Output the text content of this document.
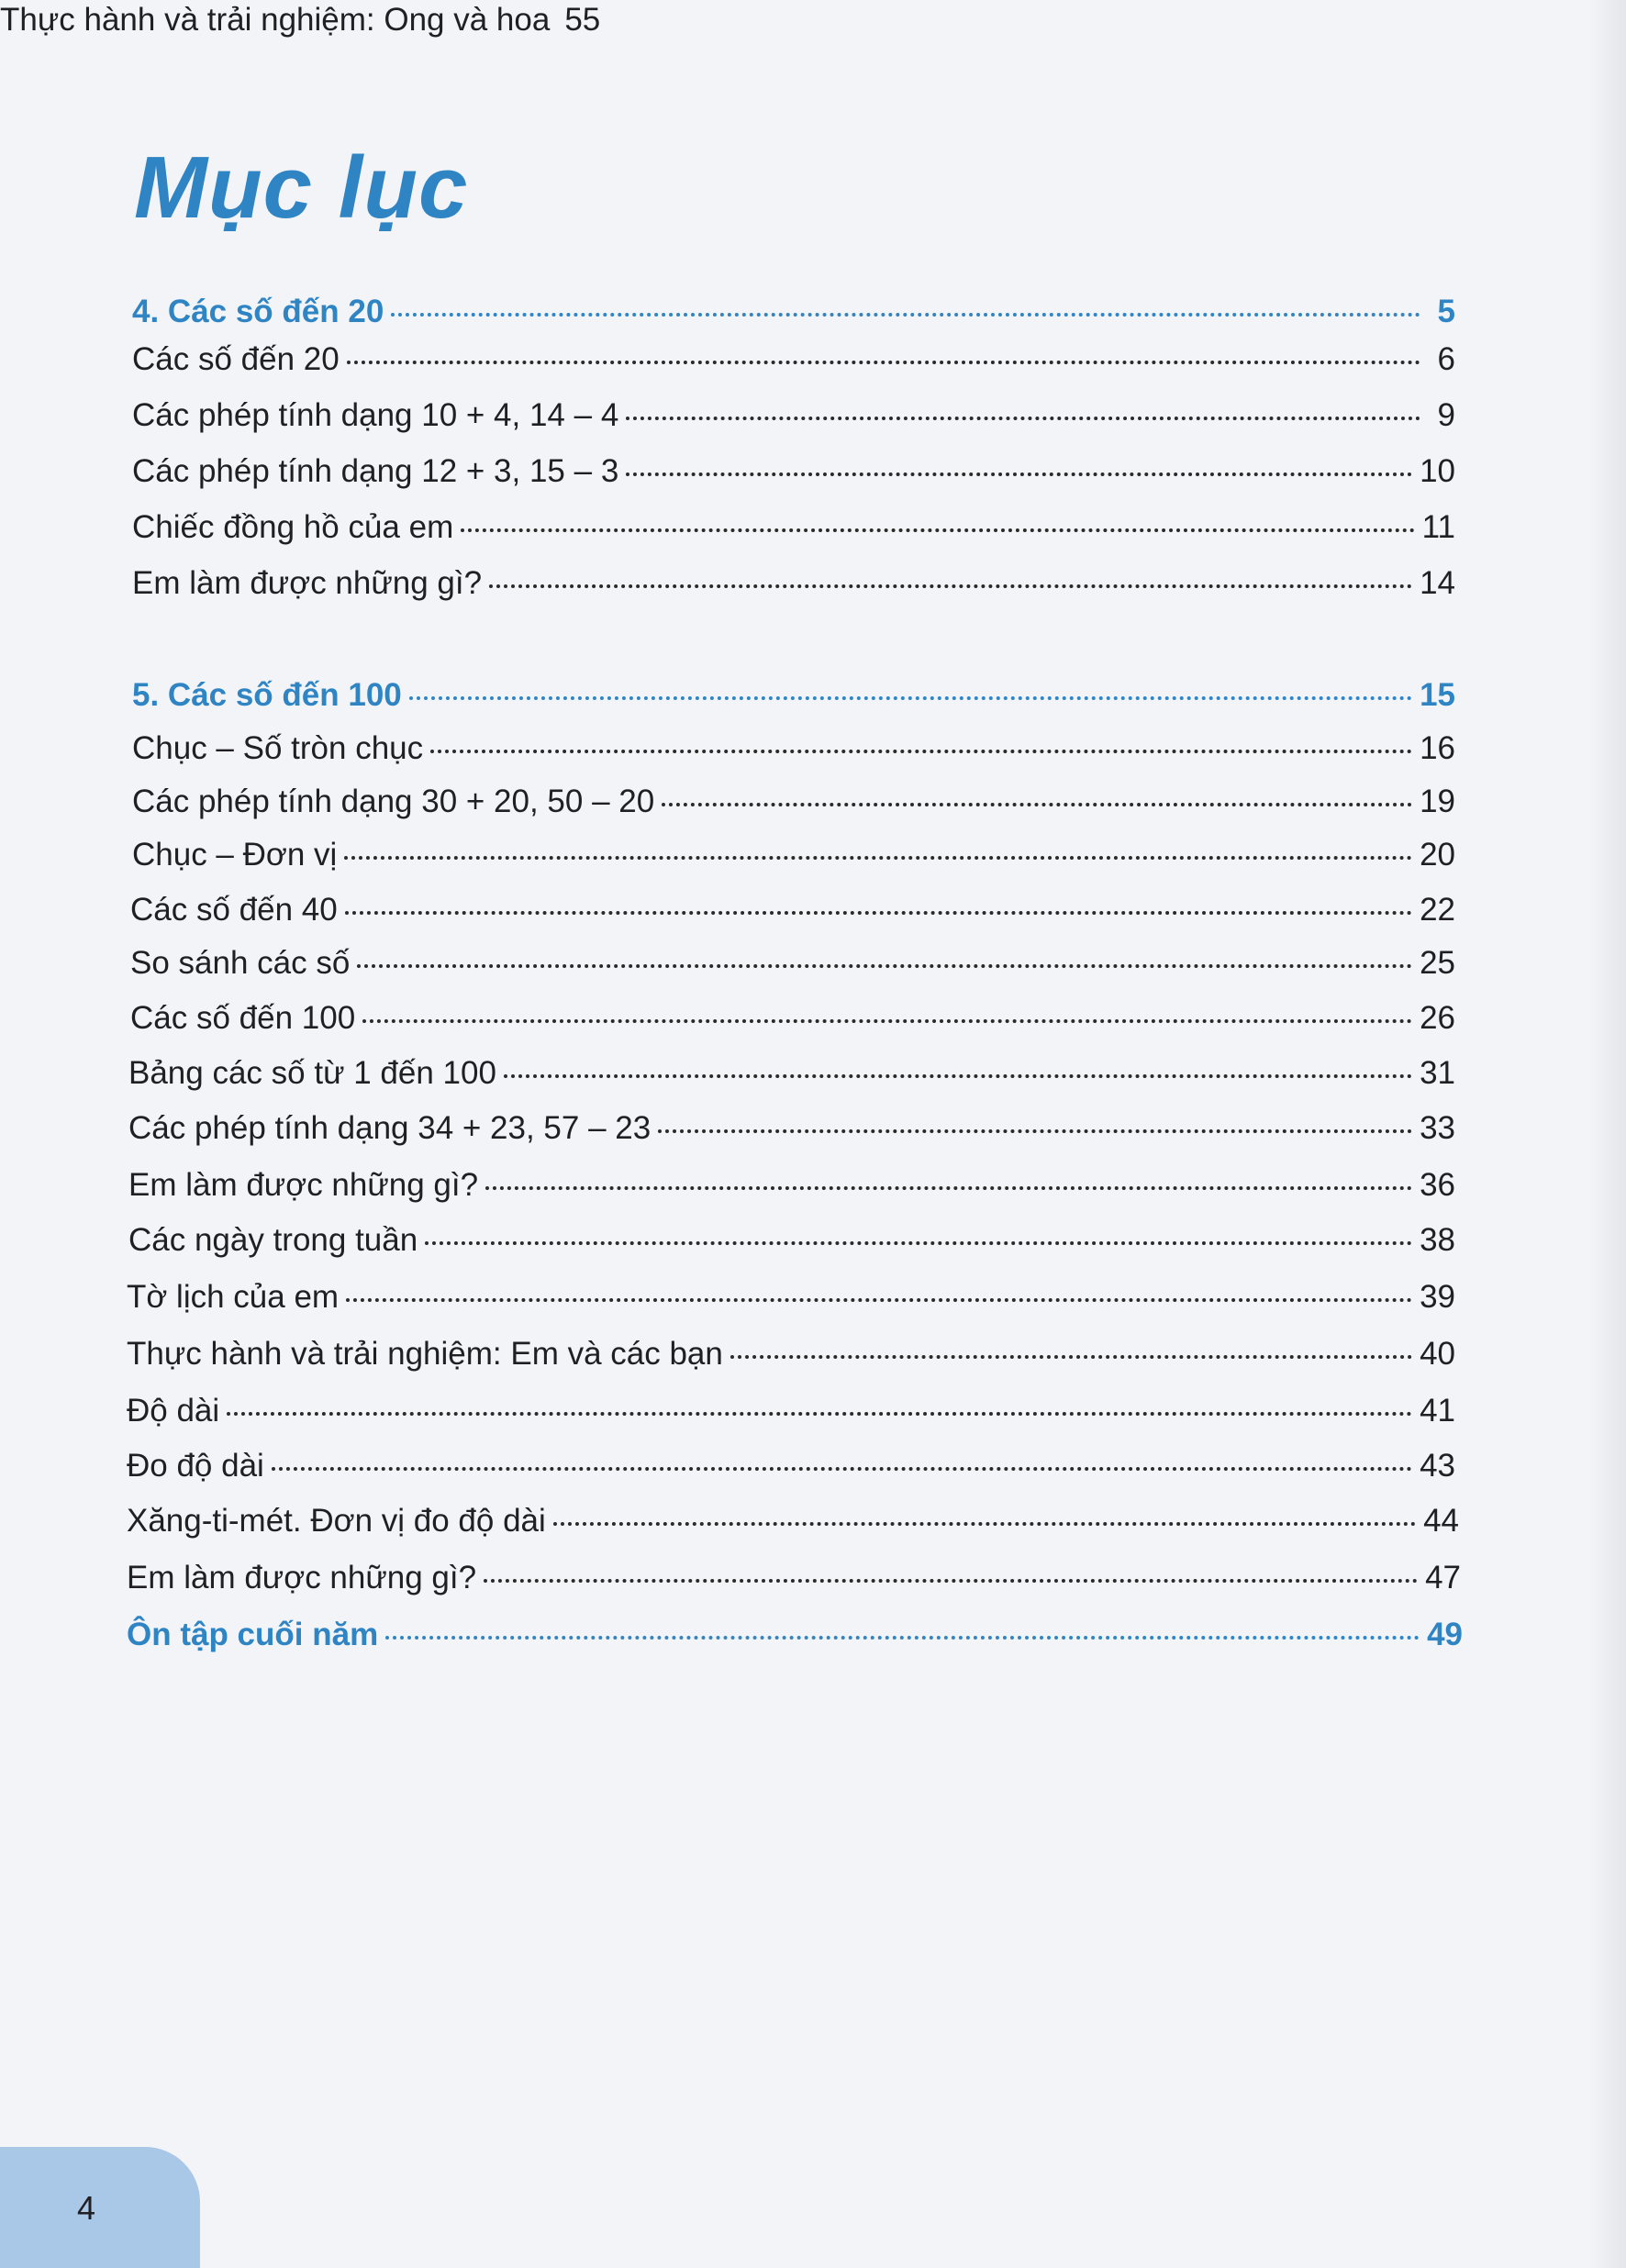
Mục lục
4. Các số đến 20	5
Các số đến 20	6
Các phép tính dạng 10 + 4, 14 – 4	9
Các phép tính dạng 12 + 3, 15 – 3	10
Chiếc đồng hồ của em	11
Em làm được những gì?	14
5. Các số đến 100	15
Chục – Số tròn chục	16
Các phép tính dạng 30 + 20, 50 – 20	19
Chục – Đơn vị	20
Các số đến 40	22
So sánh các số	25
Các số đến 100	26
Bảng các số từ 1 đến 100	31
Các phép tính dạng 34 + 23, 57 – 23	33
Em làm được những gì?	36
Các ngày trong tuần	38
Tờ lịch của em	39
Thực hành và trải nghiệm: Em và các bạn	40
Độ dài	41
Đo độ dài	43
Xăng-ti-mét. Đơn vị đo độ dài	44
Em làm được những gì?	47
Ôn tập cuối năm	49
Thực hành và trải nghiệm: Ong và hoa 55
4
